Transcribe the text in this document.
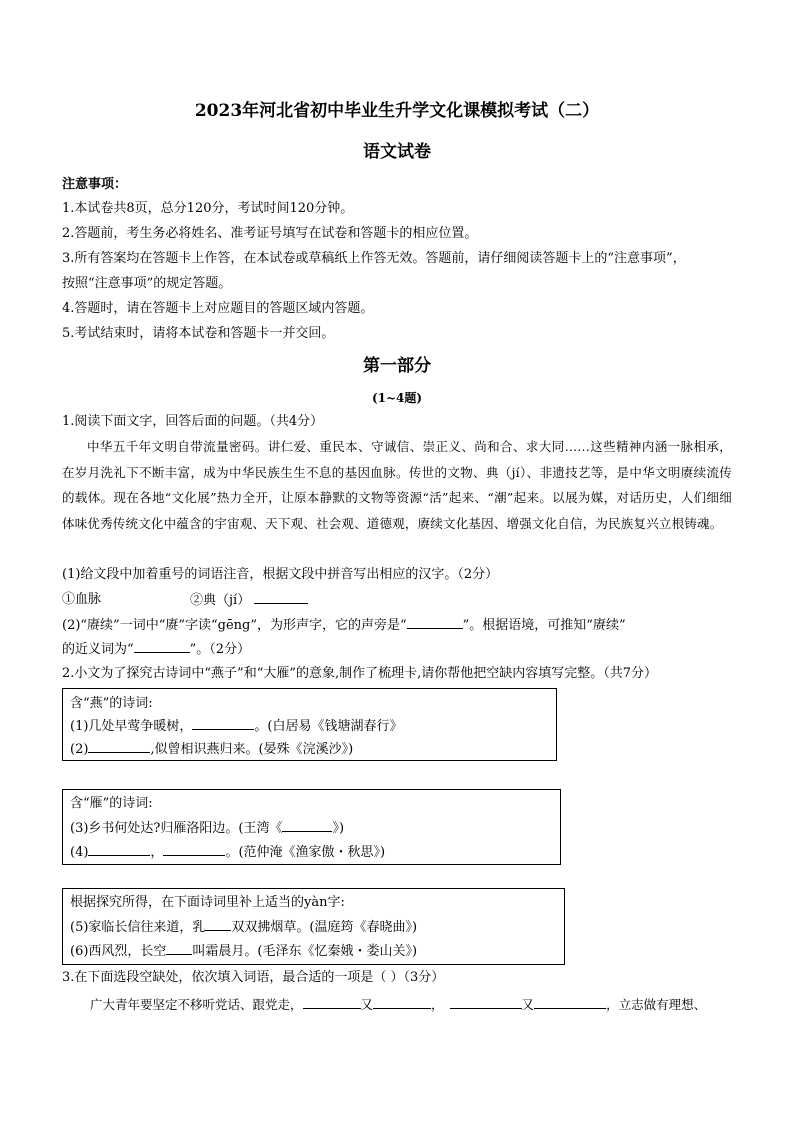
2023年河北省初中毕业生升学文化课模拟考试（二）
语文试卷
注意事项：
1.本试卷共8页，总分120分，考试时间120分钟。
2.答题前，考生务必将姓名、准考证号填写在试卷和答题卡的相应位置。
3.所有答案均在答题卡上作答，在本试卷或草稿纸上作答无效。答题前，请仔细阅读答题卡上的“注意事项”，
按照“注意事项”的规定答题。
4.答题时，请在答题卡上对应题目的答题区域内答题。
5.考试结束时，请将本试卷和答题卡一并交回。
第一部分
(1~4题)
1.阅读下面文字，回答后面的问题。（共4分）
中华五千年文明自带流量密码。讲仁爱、重民本、守诚信、崇正义、尚和合、求大同……这些精神内涵一脉相承，在岁月洗礼下不断丰富，成为中华民族生生不息的基因血脉。传世的文物、典（jí）、非遗技艺等，是中华文明赓续流传的载体。现在各地“文化展”热力全开，让原本静默的文物等资源“活”起来、“潮”起来。以展为媒，对话历史，人们细细体味优秀传统文化中蕴含的宇宙观、天下观、社会观、道德观，赓续文化基因、增强文化自信，为民族复兴立根铸魂。
(1)给文段中加着重号的词语注音，根据文段中拼音写出相应的汉字。（2分）
①血脉	②典（jí）
(2)“赓续”一词中“赓”字读“gēng”，为形声字，它的声旁是“	”。根据语境，可推知“赓续”
的近义词为“	”。（2分）
2.小文为了探究古诗词中“燕子”和“大雁”的意象,制作了梳理卡,请你帮他把空缺内容填写完整。（共7分）
含“燕”的诗词:
(1)几处早莺争暖树，	。(白居易《钱塘湖春行》
(2)	,似曾相识燕归来。(晏殊《浣溪沙》)
含“雁”的诗词:
(3)乡书何处达?归雁洛阳边。(王湾《	》)
(4)	，	。(范仲淹《渔家傲・秋思》)
根据探究所得，在下面诗词里补上适当的yàn字:
(5)家临长信往来道，乳 双双拂烟草。(温庭筠《春晓曲》)
(6)西风烈，长空 叫霜晨月。(毛泽东《忆秦娥・娄山关》)
3.在下面选段空缺处，依次填入词语，最合适的一项是（ ）（3分）
广大青年要坚定不移听党话、跟党走，	又	，	又	，立志做有理想、
